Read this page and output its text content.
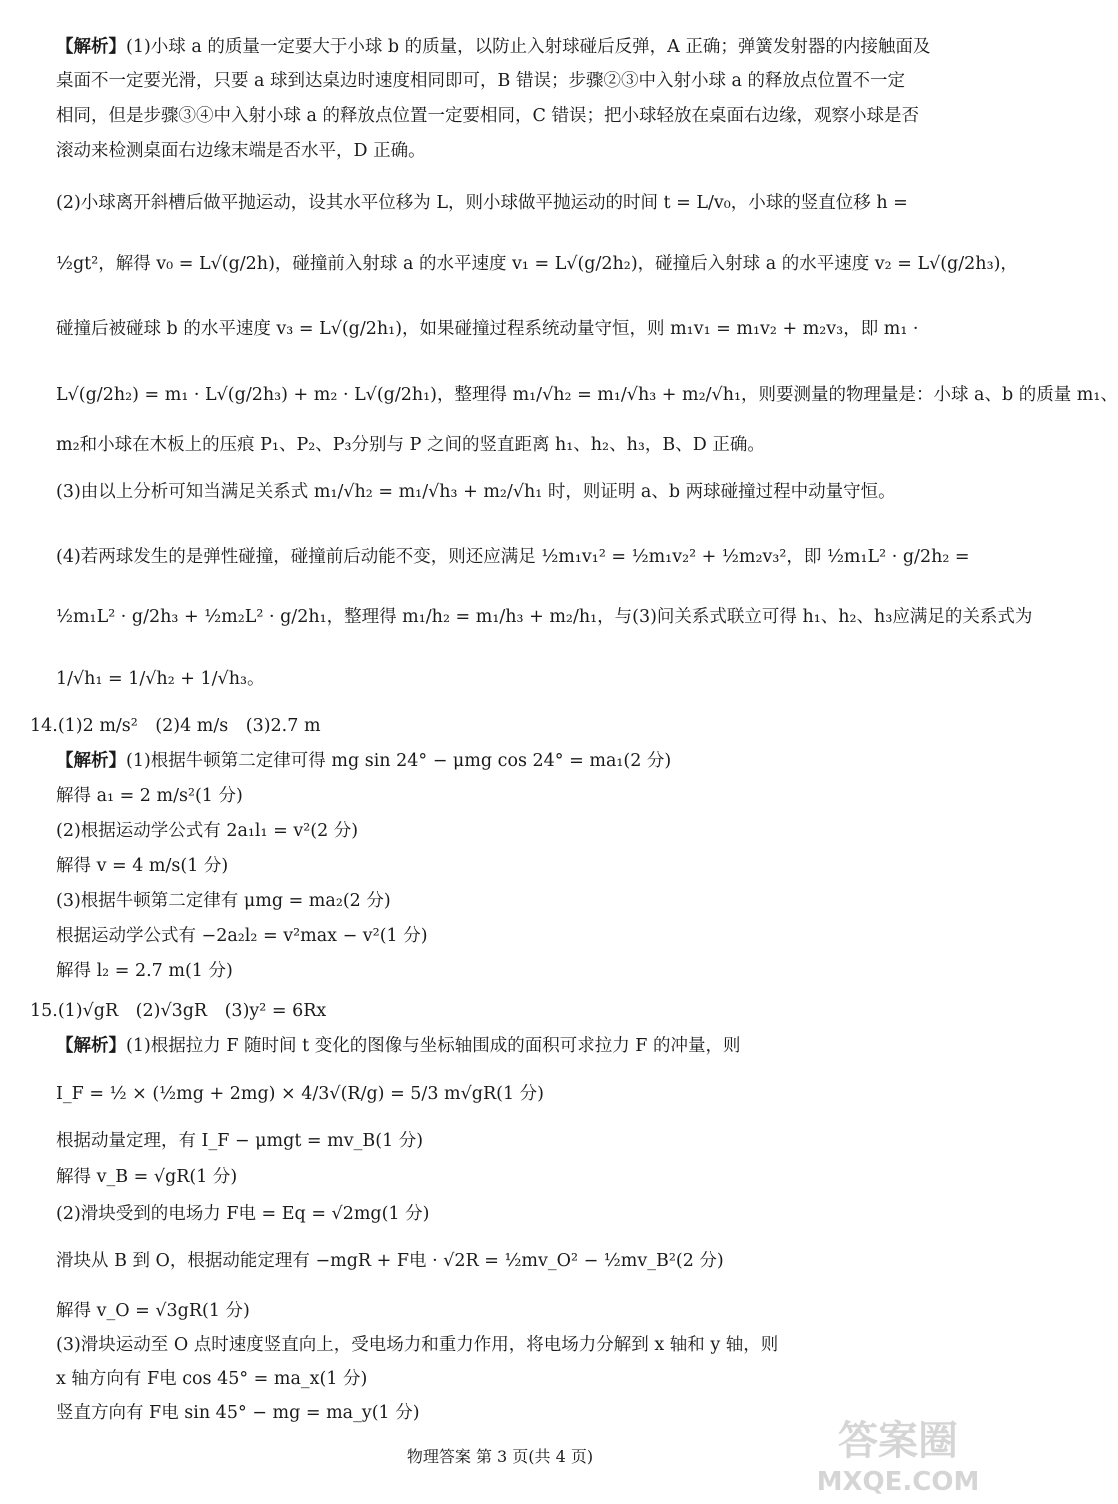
【解析】(1)小球 a 的质量一定要大于小球 b 的质量，以防止入射球碰后反弹，A 正确；弹簧发射器的内接触面及
桌面不一定要光滑，只要 a 球到达桌边时速度相同即可，B 错误；步骤②③中入射小球 a 的释放点位置不一定
相同，但是步骤③④中入射小球 a 的释放点位置一定要相同，C 错误；把小球轻放在桌面右边缘，观察小球是否
滚动来检测桌面右边缘末端是否水平，D 正确。
(2)小球离开斜槽后做平抛运动，设其水平位移为 L，则小球做平抛运动的时间 t = L/v₀，小球的竖直位移 h =
½gt²，解得 v₀ = L√(g/2h)，碰撞前入射球 a 的水平速度 v₁ = L√(g/2h₂)，碰撞后入射球 a 的水平速度 v₂ = L√(g/2h₃)，
碰撞后被碰球 b 的水平速度 v₃ = L√(g/2h₁)，如果碰撞过程系统动量守恒，则 m₁v₁ = m₁v₂ + m₂v₃，即 m₁ ·
L√(g/2h₂) = m₁ · L√(g/2h₃) + m₂ · L√(g/2h₁)，整理得 m₁/√h₂ = m₁/√h₃ + m₂/√h₁，则要测量的物理量是：小球 a、b 的质量 m₁、
m₂和小球在木板上的压痕 P₁、P₂、P₃分别与 P 之间的竖直距离 h₁、h₂、h₃，B、D 正确。
(3)由以上分析可知当满足关系式 m₁/√h₂ = m₁/√h₃ + m₂/√h₁ 时，则证明 a、b 两球碰撞过程中动量守恒。
(4)若两球发生的是弹性碰撞，碰撞前后动能不变，则还应满足 ½m₁v₁² = ½m₁v₂² + ½m₂v₃²，即 ½m₁L² · g/2h₂ =
½m₁L² · g/2h₃ + ½m₂L² · g/2h₁，整理得 m₁/h₂ = m₁/h₃ + m₂/h₁，与(3)问关系式联立可得 h₁、h₂、h₃应满足的关系式为
1/√h₁ = 1/√h₂ + 1/√h₃。
14.(1)2 m/s²　(2)4 m/s　(3)2.7 m
【解析】(1)根据牛顿第二定律可得 mg sin 24° − μmg cos 24° = ma₁(2 分)
解得 a₁ = 2 m/s²(1 分)
(2)根据运动学公式有 2a₁l₁ = v²(2 分)
解得 v = 4 m/s(1 分)
(3)根据牛顿第二定律有 μmg = ma₂(2 分)
根据运动学公式有 −2a₂l₂ = v²max − v²(1 分)
解得 l₂ = 2.7 m(1 分)
15.(1)√gR　(2)√3gR　(3)y² = 6Rx
【解析】(1)根据拉力 F 随时间 t 变化的图像与坐标轴围成的面积可求拉力 F 的冲量，则
I_F = ½ × (½mg + 2mg) × 4/3√(R/g) = 5/3 m√gR(1 分)
根据动量定理，有 I_F − μmgt = mv_B(1 分)
解得 v_B = √gR(1 分)
(2)滑块受到的电场力 F电 = Eq = √2mg(1 分)
滑块从 B 到 O，根据动能定理有 −mgR + F电 · √2R = ½mv_O² − ½mv_B²(2 分)
解得 v_O = √3gR(1 分)
(3)滑块运动至 O 点时速度竖直向上，受电场力和重力作用，将电场力分解到 x 轴和 y 轴，则
x 轴方向有 F电 cos 45° = ma_x(1 分)
竖直方向有 F电 sin 45° − mg = ma_y(1 分)
物理答案 第 3 页(共 4 页)	答案圈
MXQE.COM
